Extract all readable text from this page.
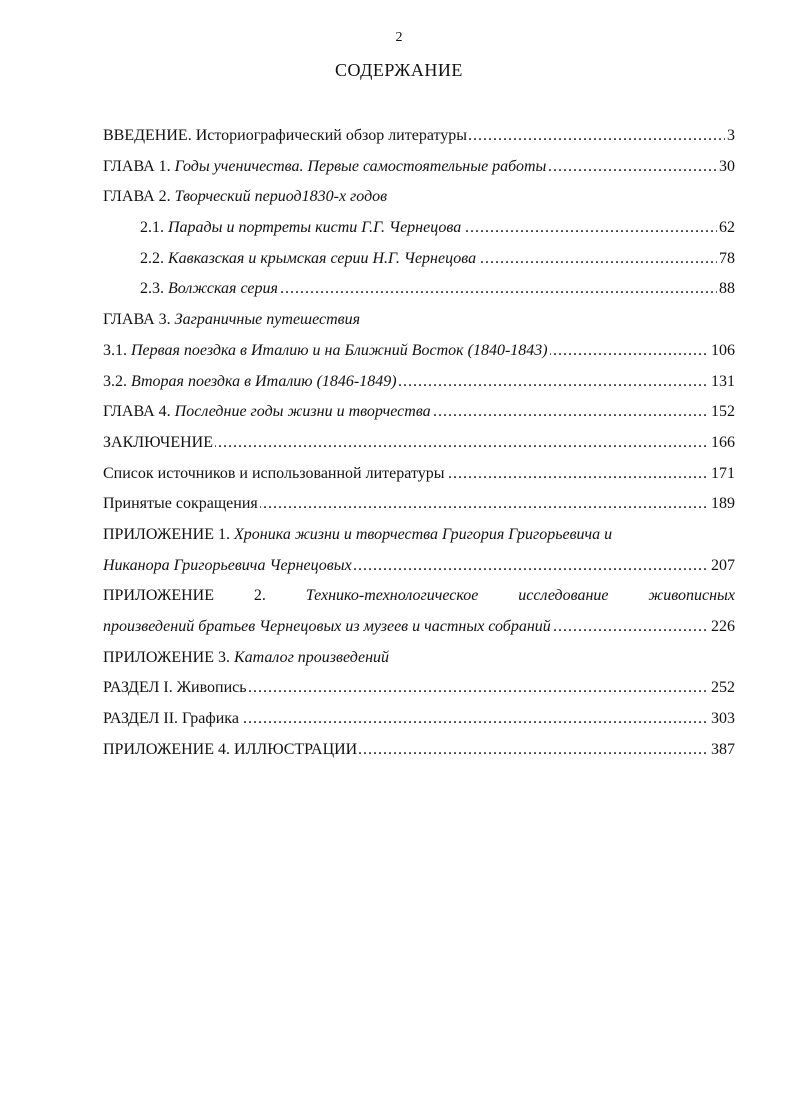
2
СОДЕРЖАНИЕ
ВВЕДЕНИЕ. Историографический обзор литературы	3
.....
ГЛАВА 1. Годы ученичества. Первые самостоятельные работы	30
.....
ГЛАВА 2. Творческий период1830-х годов
2.1. Парады и портреты кисти Г.Г. Чернецова	62
.....
2.2. Кавказская и крымская серии Н.Г. Чернецова	78
.....
2.3. Волжская серия	88
.....
ГЛАВА 3. Заграничные путешествия
3.1. Первая поездка в Италию и на Ближний Восток (1840-1843)	106
.....
3.2. Вторая поездка в Италию (1846-1849)	131
.....
ГЛАВА 4. Последние годы жизни и творчества	152
.....
ЗАКЛЮЧЕНИЕ	166
.....
Список источников и использованной литературы	171
.....
Принятые сокращения	189
.....
ПРИЛОЖЕНИЕ 1. Хроника жизни и творчества Григория Григорьевича и
Никанора Григорьевича Чернецовых	207
.....
ПРИЛОЖЕНИЕ 2. Технико-технологическое исследование живописных
произведений братьев Чернецовых из музеев и частных собраний	226
.....
ПРИЛОЖЕНИЕ 3. Каталог произведений
РАЗДЕЛ I. Живопись	252
.....
РАЗДЕЛ II. Графика	303
.....
ПРИЛОЖЕНИЕ 4. ИЛЛЮСТРАЦИИ	387
.....
